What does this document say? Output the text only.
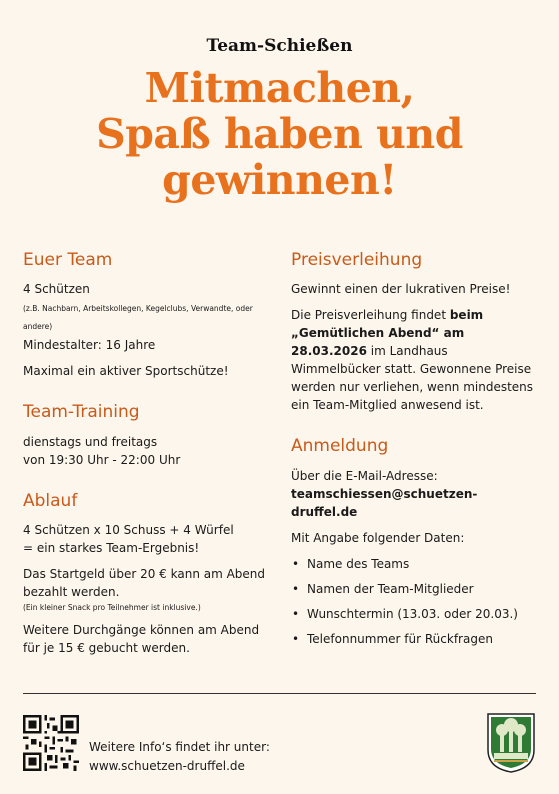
Team-Schießen
Mitmachen,
Spaß haben und
gewinnen!
Euer Team

4 Schützen
(z.B. Nachbarn, Arbeitskollegen, Kegelclubs, Verwandte, oder andere)

Mindestalter: 16 Jahre

Maximal ein aktiver Sportschütze!

Team-Training

dienstags und freitags
von 19:30 Uhr - 22:00 Uhr

Ablauf

4 Schützen x 10 Schuss + 4 Würfel
= ein starkes Team-Ergebnis!

Das Startgeld über 20 € kann am Abend bezahlt werden.

(Ein kleiner Snack pro Teilnehmer ist inklusive.)

Weitere Durchgänge können am Abend für je 15 € gebucht werden.

Preisverleihung

Gewinnt einen der lukrativen Preise!

Die Preisverleihung findet beim „Gemütlichen Abend“ am 28.03.2026 im Landhaus Wimmelbücker statt. Gewonnene Preise werden nur verliehen, wenn mindestens ein Team-Mitglied anwesend ist.

Anmeldung

Über die E-Mail-Adresse:
teamschiessen@schuetzen-druffel.de

Mit Angabe folgender Daten:

• Name des Teams
• Namen der Team-Mitglieder
• Wunschtermin (13.03. oder 20.03.)
• Telefonnummer für Rückfragen
Weitere Info‘s findet ihr unter:
www.schuetzen-druffel.de
